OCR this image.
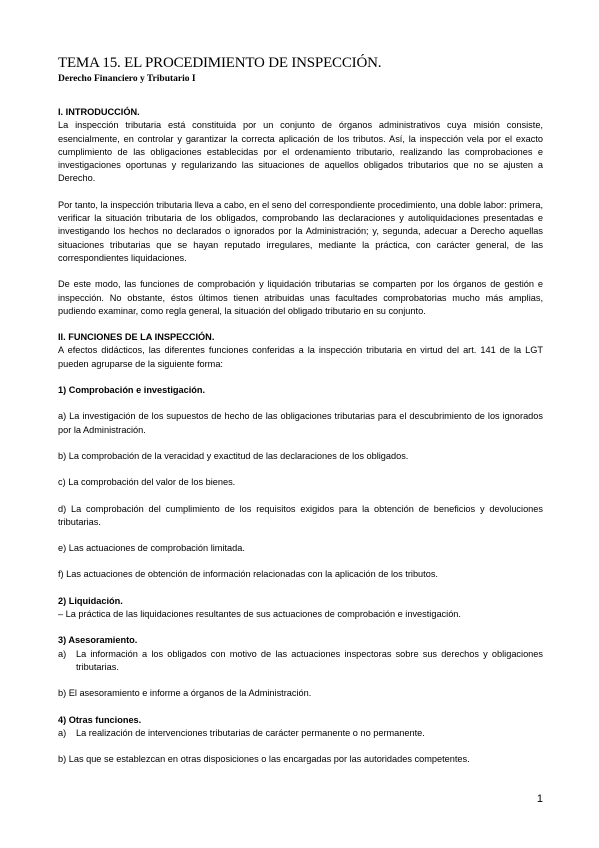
TEMA 15. EL PROCEDIMIENTO DE INSPECCIÓN.
Derecho Financiero y Tributario I

I. INTRODUCCIÓN.

La inspección tributaria está constituida por un conjunto de órganos administrativos cuya misión consiste, esencialmente, en controlar y garantizar la correcta aplicación de los tributos. Así, la inspección vela por el exacto cumplimiento de las obligaciones establecidas por el ordenamiento tributario, realizando las comprobaciones e investigaciones oportunas y regularizando las situaciones de aquellos obligados tributarios que no se ajusten a Derecho.

Por tanto, la inspección tributaria lleva a cabo, en el seno del correspondiente procedimiento, una doble labor: primera, verificar la situación tributaria de los obligados, comprobando las declaraciones y autoliquidaciones presentadas e investigando los hechos no declarados o ignorados por la Administración; y, segunda, adecuar a Derecho aquellas situaciones tributarias que se hayan reputado irregulares, mediante la práctica, con carácter general, de las correspondientes liquidaciones.

De este modo, las funciones de comprobación y liquidación tributarias se comparten por los órganos de gestión e inspección. No obstante, éstos últimos tienen atribuidas unas facultades comprobatorias mucho más amplias, pudiendo examinar, como regla general, la situación del obligado tributario en su conjunto.

II. FUNCIONES DE LA INSPECCIÓN.

A efectos didácticos, las diferentes funciones conferidas a la inspección tributaria en virtud del art. 141 de la LGT pueden agruparse de la siguiente forma:

1) Comprobación e investigación.

a) La investigación de los supuestos de hecho de las obligaciones tributarias para el descubrimiento de los ignorados por la Administración.

b) La comprobación de la veracidad y exactitud de las declaraciones de los obligados.

c) La comprobación del valor de los bienes.

d) La comprobación del cumplimiento de los requisitos exigidos para la obtención de beneficios y devoluciones tributarias.

e) Las actuaciones de comprobación limitada.

f) Las actuaciones de obtención de información relacionadas con la aplicación de los tributos.

2) Liquidación.

– La práctica de las liquidaciones resultantes de sus actuaciones de comprobación e investigación.

3) Asesoramiento.

a)	La información a los obligados con motivo de las actuaciones inspectoras sobre sus derechos y obligaciones tributarias.

b) El asesoramiento e informe a órganos de la Administración.

4) Otras funciones.

a)	La realización de intervenciones tributarias de carácter permanente o no permanente.

b) Las que se establezcan en otras disposiciones o las encargadas por las autoridades competentes.

1
